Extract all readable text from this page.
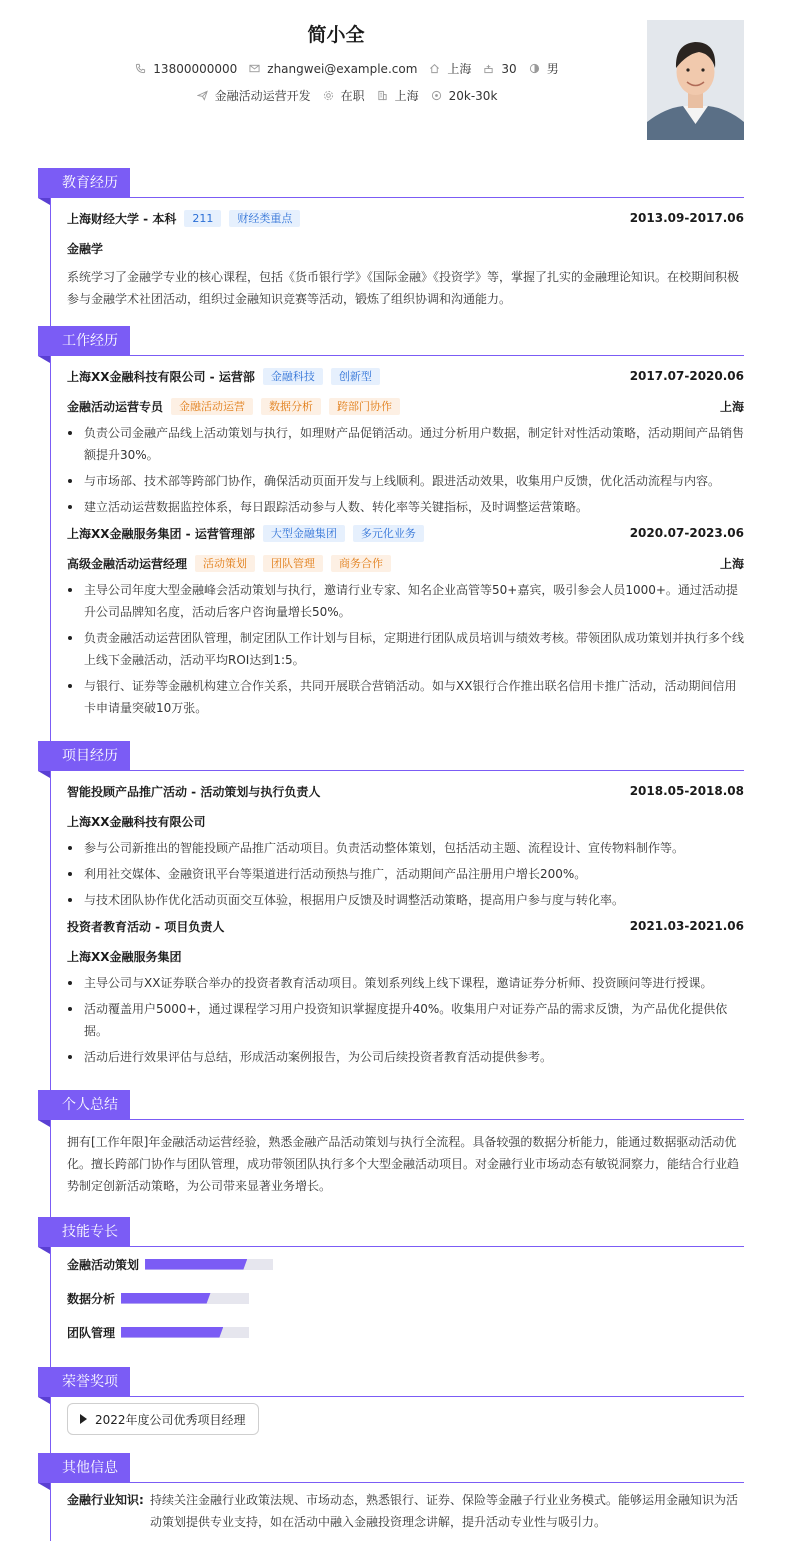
简小全
13800000000	zhangwei@example.com	上海	30	男
金融活动运营开发	在职	上海	20k-30k
教育经历
上海财经大学 - 本科	211	财经类重点	2013.09-2017.06
金融学
系统学习了金融学专业的核心课程，包括《货币银行学》《国际金融》《投资学》等，掌握了扎实的金融理论知识。在校期间积极参与金融学术社团活动，组织过金融知识竞赛等活动，锻炼了组织协调和沟通能力。
工作经历
上海XX金融科技有限公司 - 运营部	金融科技	创新型	2017.07-2020.06
金融活动运营专员	金融活动运营	数据分析	跨部门协作	上海
负责公司金融产品线上活动策划与执行，如理财产品促销活动。通过分析用户数据，制定针对性活动策略，活动期间产品销售额提升30%。
与市场部、技术部等跨部门协作，确保活动页面开发与上线顺利。跟进活动效果，收集用户反馈，优化活动流程与内容。
建立活动运营数据监控体系，每日跟踪活动参与人数、转化率等关键指标，及时调整运营策略。
上海XX金融服务集团 - 运营管理部	大型金融集团	多元化业务	2020.07-2023.06
高级金融活动运营经理	活动策划	团队管理	商务合作	上海
主导公司年度大型金融峰会活动策划与执行，邀请行业专家、知名企业高管等50+嘉宾，吸引参会人员1000+。通过活动提升公司品牌知名度，活动后客户咨询量增长50%。
负责金融活动运营团队管理，制定团队工作计划与目标，定期进行团队成员培训与绩效考核。带领团队成功策划并执行多个线上线下金融活动，活动平均ROI达到1:5。
与银行、证券等金融机构建立合作关系，共同开展联合营销活动。如与XX银行合作推出联名信用卡推广活动，活动期间信用卡申请量突破10万张。
项目经历
智能投顾产品推广活动 - 活动策划与执行负责人	2018.05-2018.08
上海XX金融科技有限公司
参与公司新推出的智能投顾产品推广活动项目。负责活动整体策划，包括活动主题、流程设计、宣传物料制作等。
利用社交媒体、金融资讯平台等渠道进行活动预热与推广，活动期间产品注册用户增长200%。
与技术团队协作优化活动页面交互体验，根据用户反馈及时调整活动策略，提高用户参与度与转化率。
投资者教育活动 - 项目负责人	2021.03-2021.06
上海XX金融服务集团
主导公司与XX证券联合举办的投资者教育活动项目。策划系列线上线下课程，邀请证券分析师、投资顾问等进行授课。
活动覆盖用户5000+，通过课程学习用户投资知识掌握度提升40%。收集用户对证券产品的需求反馈，为产品优化提供依据。
活动后进行效果评估与总结，形成活动案例报告，为公司后续投资者教育活动提供参考。
个人总结
拥有[工作年限]年金融活动运营经验，熟悉金融产品活动策划与执行全流程。具备较强的数据分析能力，能通过数据驱动活动优化。擅长跨部门协作与团队管理，成功带领团队执行多个大型金融活动项目。对金融行业市场动态有敏锐洞察力，能结合行业趋势制定创新活动策略，为公司带来显著业务增长。
技能专长
金融活动策划
数据分析
团队管理
荣誉奖项
2022年度公司优秀项目经理
其他信息
金融行业知识: 持续关注金融行业政策法规、市场动态，熟悉银行、证券、保险等金融子行业业务模式。能够运用金融知识为活动策划提供专业支持，如在活动中融入金融投资理念讲解，提升活动专业性与吸引力。
